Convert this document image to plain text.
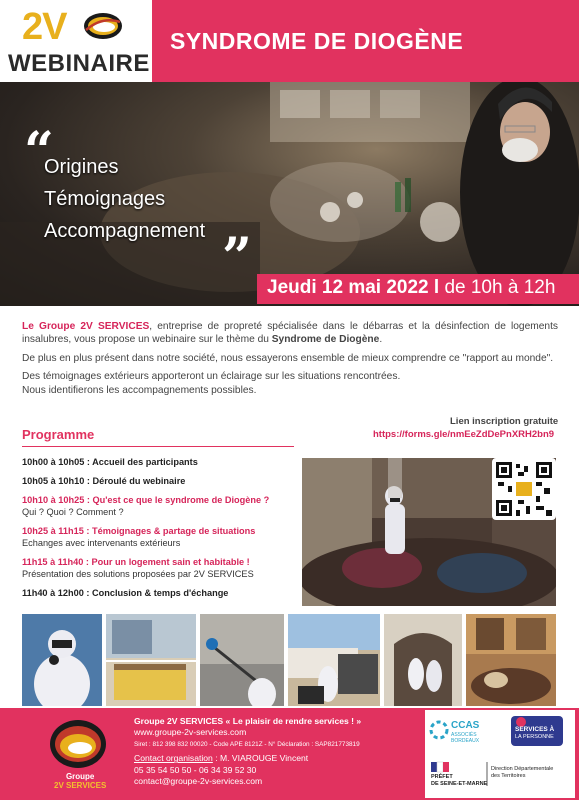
2V
WEBINAIRE
SYNDROME DE DIOGÈNE
“
Origines
Témoignages
Accompagnement ” Jeudi 12 mai 2022 l de 10h à 12h

Le Groupe 2V SERVICES, entreprise de propreté spécialisée dans le débarras et la désinfection de logements insalubres, vous propose un webinaire sur le thème du Syndrome de Diogène.

De plus en plus présent dans notre société, nous essayerons ensemble de mieux comprendre ce "rapport au monde".

Des témoignages extérieurs apporteront un éclairage sur les situations rencontrées.

Nous identifierons les accompagnements possibles.

Programme
Lien inscription gratuite
https://forms.gle/nmEeZdDePnXRH2bn9
10h00 à 10h05 : Accueil des participants
10h05 à 10h10 : Déroulé du webinaire
10h10 à 10h25 : Qu'est ce que le syndrome de Diogène ?
Qui ? Quoi ? Comment ?
10h25 à 11h15 : Témoignages & partage de situations
Echanges avec intervenants extérieurs
11h15 à 11h40 : Pour un logement sain et habitable !
Présentation des solutions proposées par 2V SERVICES
11h40 à 12h00 : Conclusion & temps d'échange
Groupe
2V SERVICES
Groupe 2V SERVICES « Le plaisir de rendre services ! »
www.groupe-2v-services.com
Siret : 812 398 832 00020 - Code APE 8121Z - N° Déclaration : SAP821773819
Contact organisation : M. VIAROUGE Vincent
05 35 54 50 50 - 06 34 39 52 30
contact@groupe-2v-services.com
CCAS
ASSOCIÉS BORDEAUX
SERVICES À
LA PERSONNE
PRÉFET
DE SEINE-ET-MARNE
Direction Départementale
des Territoires
